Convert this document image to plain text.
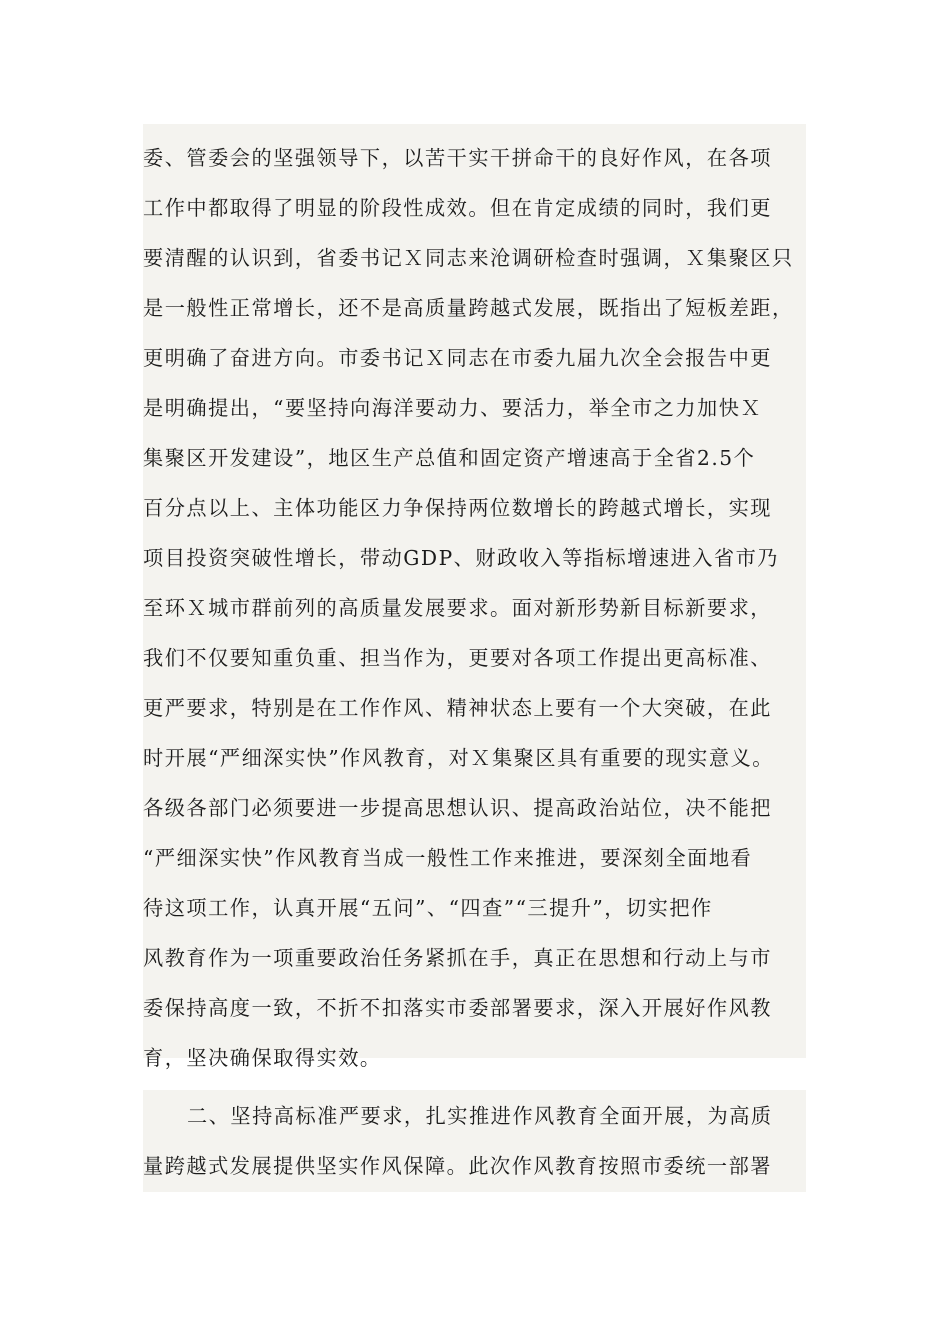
委、管委会的坚强领导下，以苦干实干拼命干的良好作风，在各项
工作中都取得了明显的阶段性成效。但在肯定成绩的同时，我们更
要清醒的认识到，省委书记Ｘ同志来沧调研检查时强调，Ｘ集聚区只
是一般性正常增长，还不是高质量跨越式发展，既指出了短板差距，
更明确了奋进方向。市委书记Ｘ同志在市委九届九次全会报告中更
是明确提出，“要坚持向海洋要动力、要活力，举全市之力加快Ｘ
集聚区开发建设”，地区生产总值和固定资产增速高于全省2.5个
百分点以上、主体功能区力争保持两位数增长的跨越式增长，实现
项目投资突破性增长，带动GDP、财政收入等指标增速进入省市乃
至环Ｘ城市群前列的高质量发展要求。面对新形势新目标新要求，
我们不仅要知重负重、担当作为，更要对各项工作提出更高标准、
更严要求，特别是在工作作风、精神状态上要有一个大突破，在此
时开展“严细深实快”作风教育，对Ｘ集聚区具有重要的现实意义。
各级各部门必须要进一步提高思想认识、提高政治站位，决不能把
“严细深实快”作风教育当成一般性工作来推进，要深刻全面地看
待这项工作，认真开展“五问”、“四查”“三提升”，切实把作
风教育作为一项重要政治任务紧抓在手，真正在思想和行动上与市
委保持高度一致，不折不扣落实市委部署要求，深入开展好作风教
育，坚决确保取得实效。
二、坚持高标准严要求，扎实推进作风教育全面开展，为高质
量跨越式发展提供坚实作风保障。此次作风教育按照市委统一部署
